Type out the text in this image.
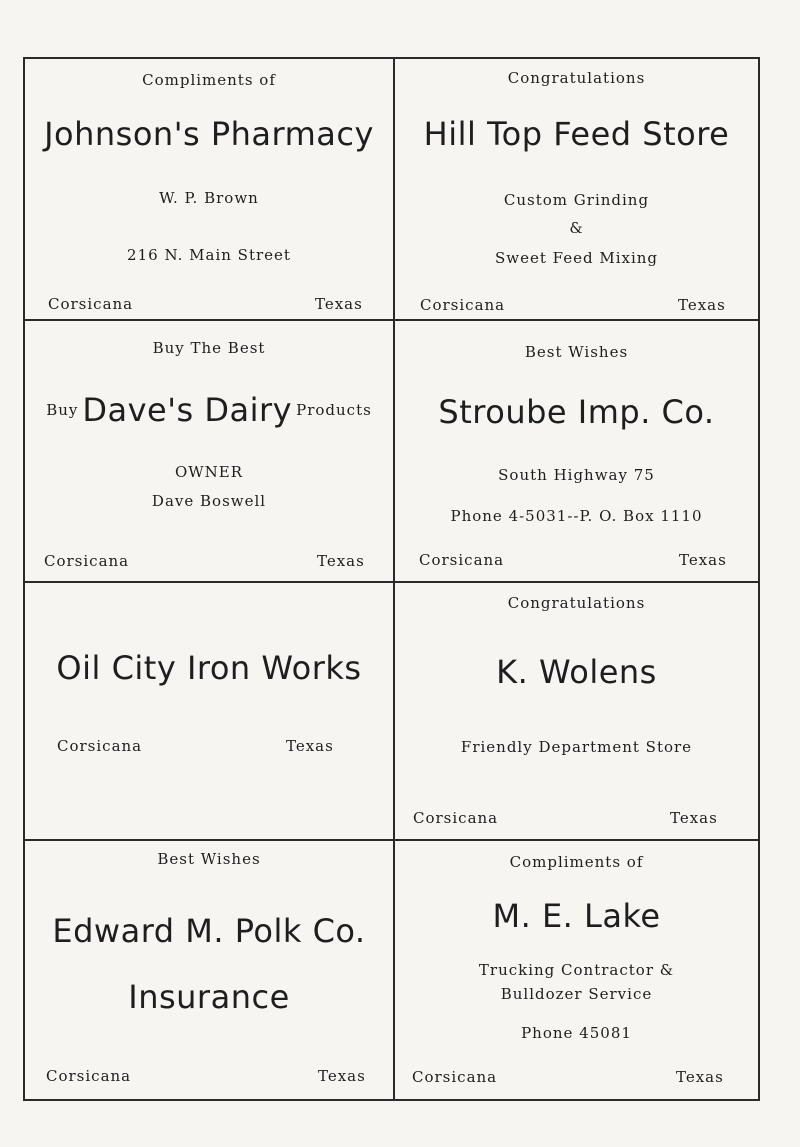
Compliments of
Johnson's Pharmacy
W. P. Brown
216 N. Main Street
Corsicana	Texas
Congratulations
Hill Top Feed Store
Custom Grinding
&
Sweet Feed Mixing
Corsicana	Texas
Buy The Best
Buy Dave's Dairy Products
OWNER
Dave Boswell
Corsicana	Texas
Best Wishes
Stroube Imp. Co.
South Highway 75
Phone 4-5031--P. O. Box 1110
Corsicana	Texas
Oil City Iron Works
Corsicana	Texas
Congratulations
K. Wolens
Friendly Department Store
Corsicana	Texas
Best Wishes
Edward M. Polk Co.
Insurance
Corsicana	Texas
Compliments of
M. E. Lake
Trucking Contractor &
Bulldozer Service
Phone 45081
Corsicana	Texas
